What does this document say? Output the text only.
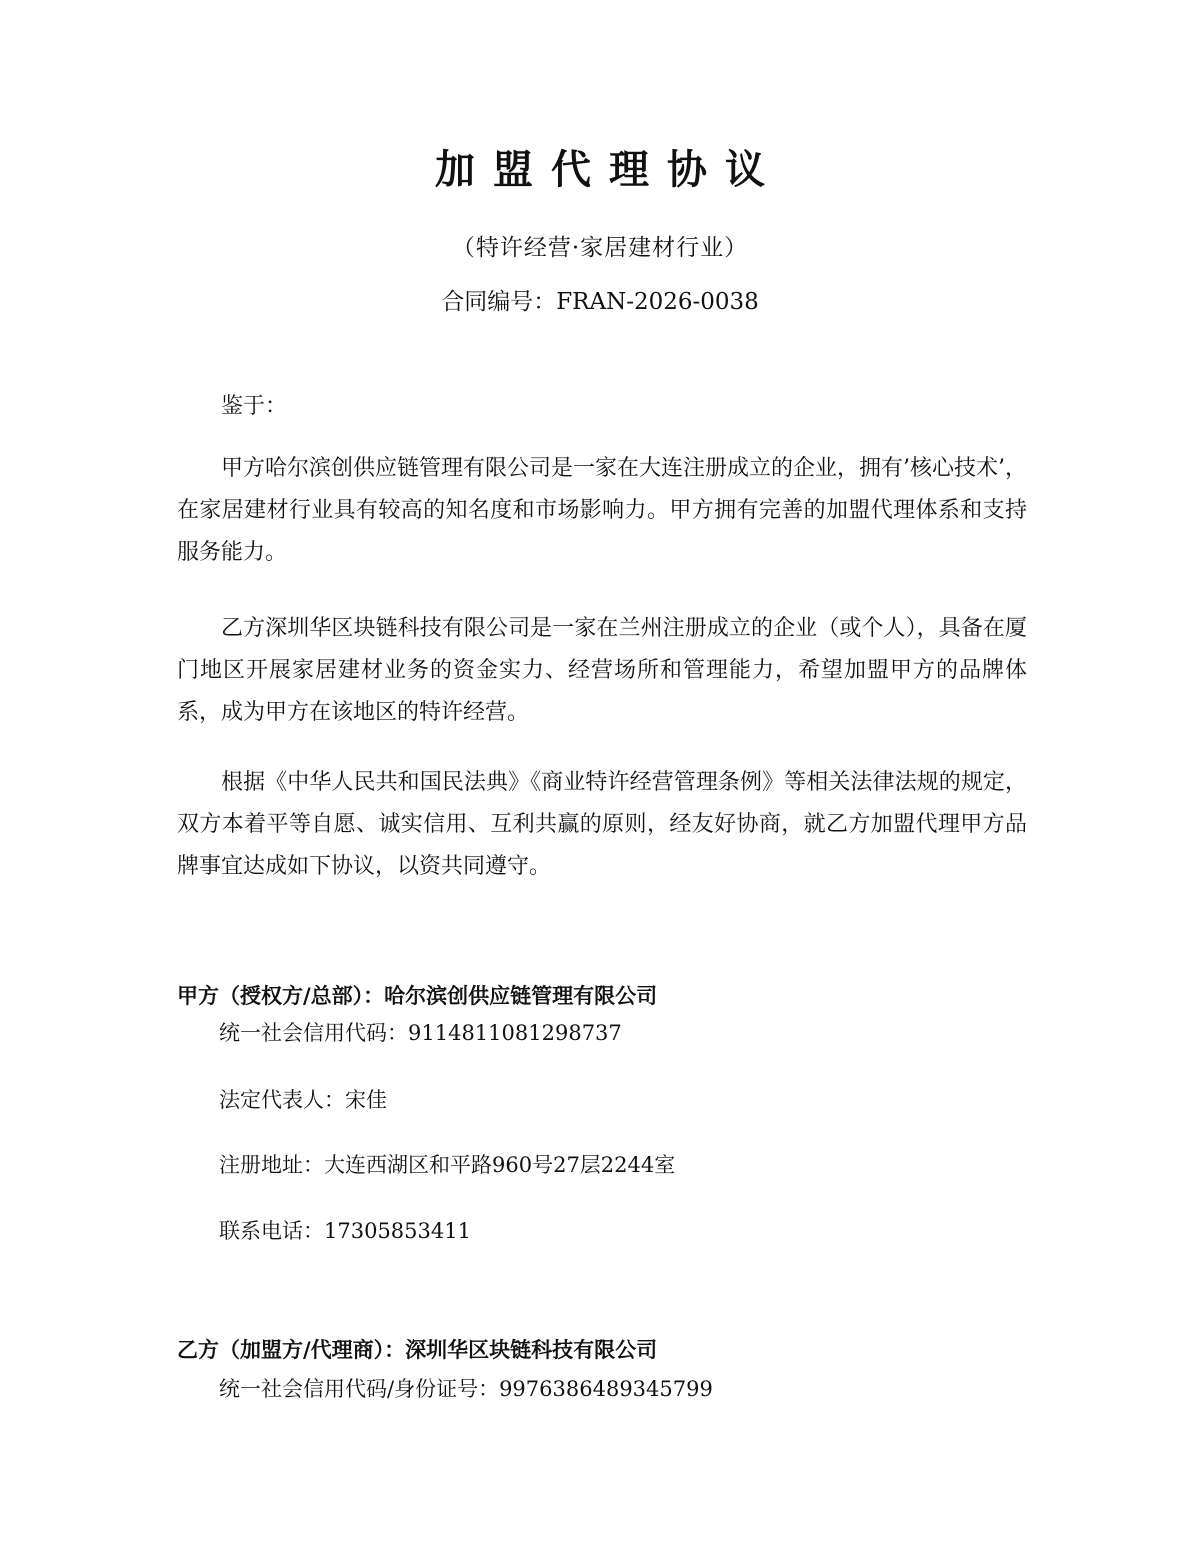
加盟代理协议
（特许经营·家居建材行业）
合同编号：FRAN-2026-0038

鉴于：

甲方哈尔滨创供应链管理有限公司是一家在大连注册成立的企业，拥有’核心技术’，在家居建材行业具有较高的知名度和市场影响力。甲方拥有完善的加盟代理体系和支持服务能力。

乙方深圳华区块链科技有限公司是一家在兰州注册成立的企业（或个人），具备在厦门地区开展家居建材业务的资金实力、经营场所和管理能力，希望加盟甲方的品牌体系，成为甲方在该地区的特许经营。

根据《中华人民共和国民法典》《商业特许经营管理条例》等相关法律法规的规定，双方本着平等自愿、诚实信用、互利共赢的原则，经友好协商，就乙方加盟代理甲方品牌事宜达成如下协议，以资共同遵守。

甲方（授权方/总部）：哈尔滨创供应链管理有限公司
统一社会信用代码：9114811081298737
法定代表人：宋佳
注册地址：大连西湖区和平路960号27层2244室
联系电话：17305853411
乙方（加盟方/代理商）：深圳华区块链科技有限公司
统一社会信用代码/身份证号：9976386489345799
